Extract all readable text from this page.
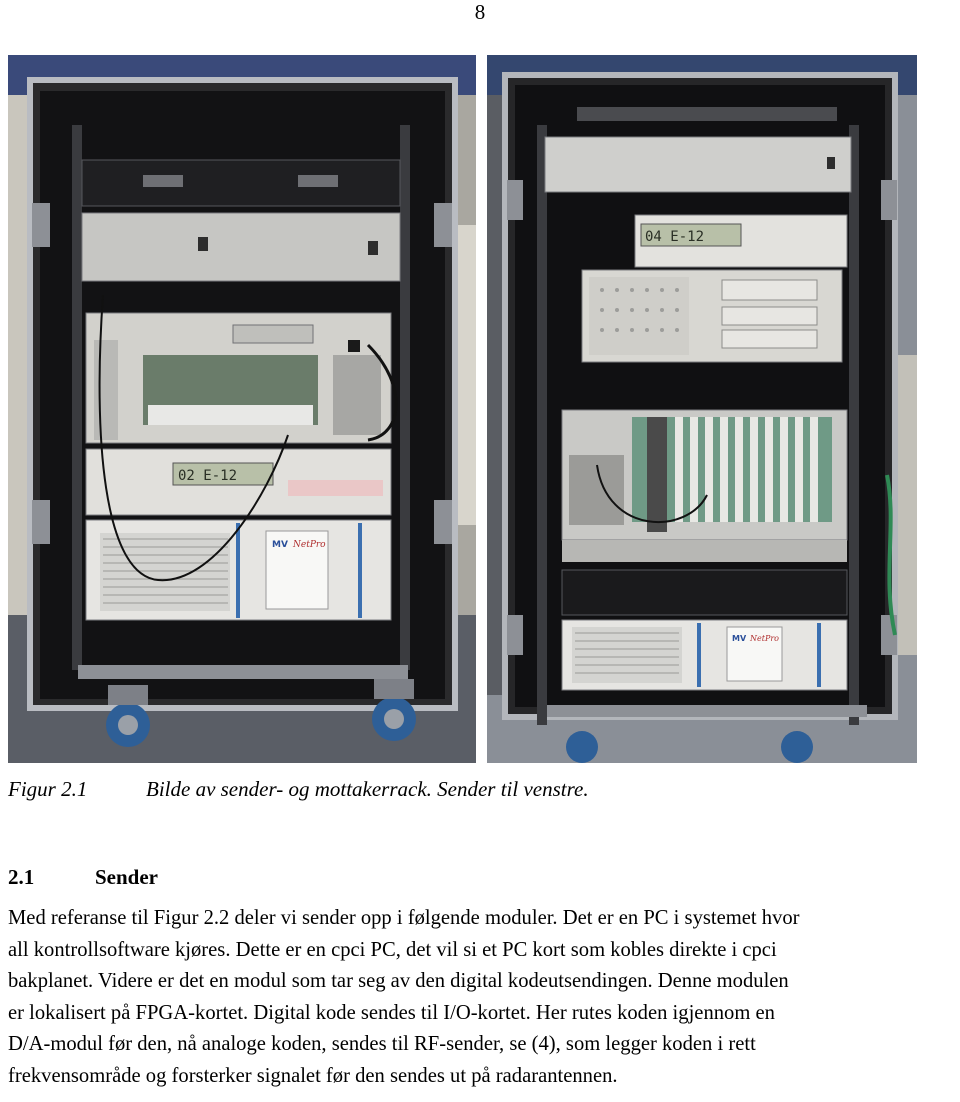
8
02 E-12
MV NetPro
04 E-12
MV NetPro
Figur 2.1	Bilde av sender- og mottakerrack. Sender til venstre.
2.1	Sender
Med referanse til Figur 2.2 deler vi sender opp i følgende moduler. Det er en PC i systemet hvor
all kontrollsoftware kjøres. Dette er en cpci PC, det vil si et PC kort som kobles direkte i cpci
bakplanet. Videre er det en modul som tar seg av den digital kodeutsendingen. Denne modulen
er lokalisert på FPGA-kortet. Digital kode sendes til I/O-kortet. Her rutes koden igjennom en
D/A-modul før den, nå analoge koden, sendes til RF-sender, se (4), som legger koden i rett
frekvensområde og forsterker signalet før den sendes ut på radarantennen.
